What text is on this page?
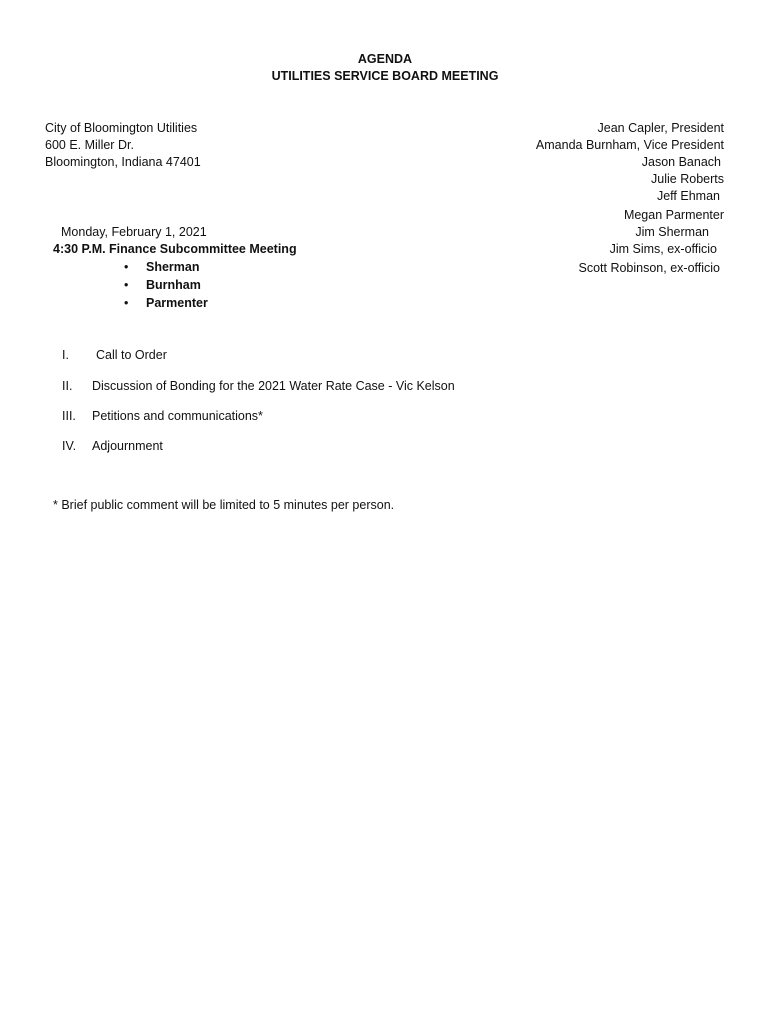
AGENDA
UTILITIES SERVICE BOARD MEETING
City of Bloomington Utilities
600 E. Miller Dr.
Bloomington, Indiana 47401
Jean Capler, President
Amanda Burnham, Vice President
Jason Banach
Julie Roberts
Jeff Ehman
Megan Parmenter
Jim Sherman
Jim Sims, ex-officio
Scott Robinson, ex-officio
Monday, February 1, 2021
4:30 P.M. Finance Subcommittee Meeting
• Sherman
• Burnham
• Parmenter
I.	Call to Order
II.	Discussion of Bonding for the 2021 Water Rate Case - Vic Kelson
III.	Petitions and communications*
IV.	Adjournment
* Brief public comment will be limited to 5 minutes per person.
